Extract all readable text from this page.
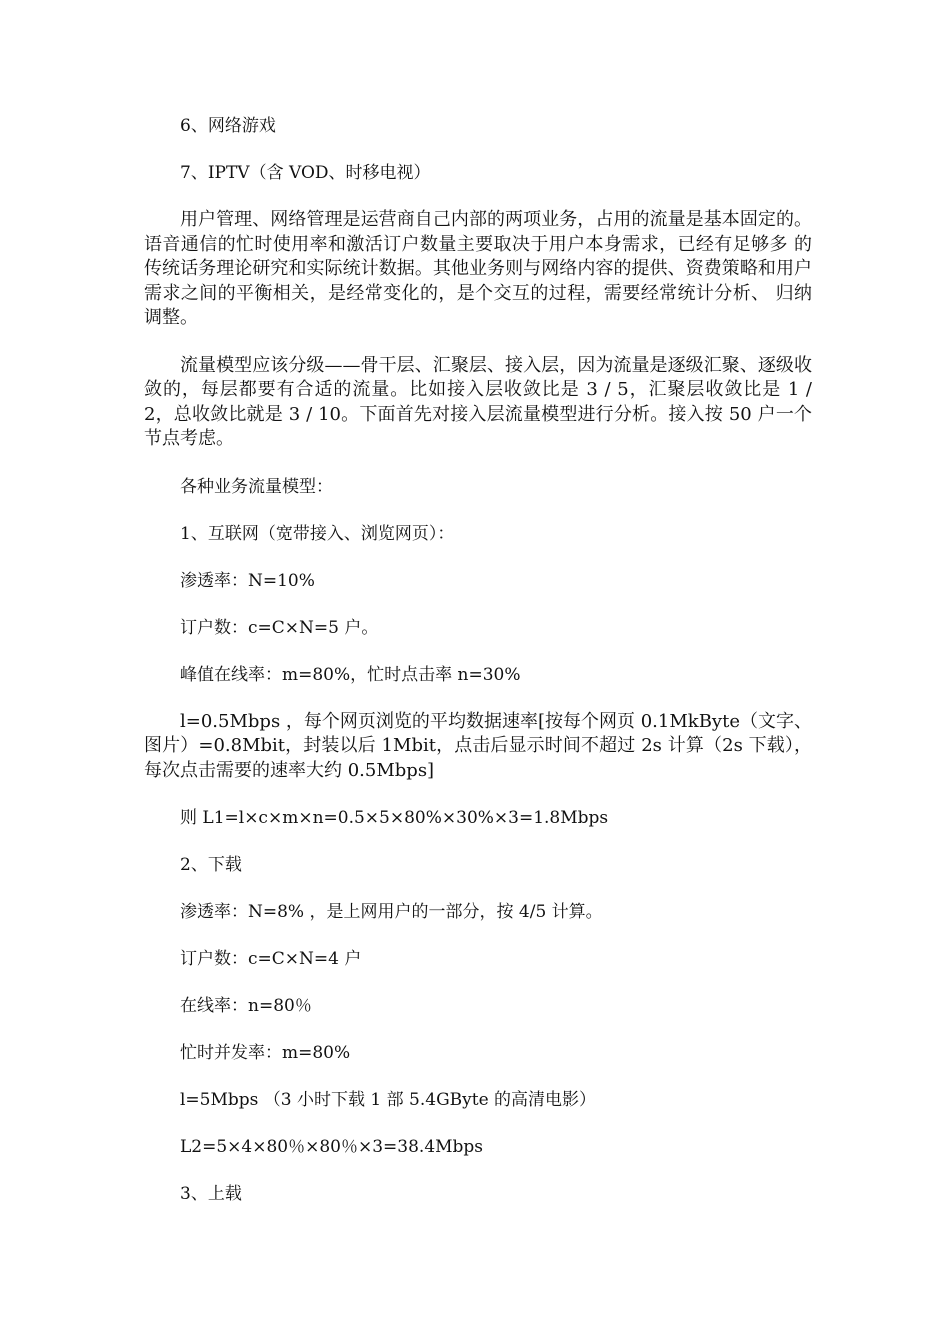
6、网络游戏

7、IPTV（含 VOD、时移电视）

用户管理、网络管理是运营商自己内部的两项业务，占用的流量是基本固定的。语音通信的忙时使用率和激活订户数量主要取决于用户本身需求，已经有足够多 的传统话务理论研究和实际统计数据。其他业务则与网络内容的提供、资费策略和用户需求之间的平衡相关，是经常变化的，是个交互的过程，需要经常统计分析、 归纳调整。

流量模型应该分级——骨干层、汇聚层、接入层，因为流量是逐级汇聚、逐级收敛的，每层都要有合适的流量。比如接入层收敛比是 3 / 5，汇聚层收敛比是 1 / 2，总收敛比就是 3 / 10。下面首先对接入层流量模型进行分析。接入按 50 户一个节点考虑。

各种业务流量模型：

1、互联网（宽带接入、浏览网页）：

渗透率：N=10%

订户数：c=C×N=5 户。

峰值在线率：m=80%，忙时点击率 n=30%

l=0.5Mbps ，每个网页浏览的平均数据速率[按每个网页 0.1MkByte（文字、图片）=0.8Mbit，封装以后 1Mbit，点击后显示时间不超过 2s 计算（2s 下载），每次点击需要的速率大约 0.5Mbps]

则 L1=l×c×m×n=0.5×5×80%×30%×3=1.8Mbps

2、下载

渗透率：N=8% ，是上网用户的一部分，按 4/5 计算。

订户数：c=C×N=4 户

在线率：n=80％

忙时并发率：m=80%

l=5Mbps （3 小时下载 1 部 5.4GByte 的高清电影）

L2=5×4×80％×80％×3=38.4Mbps

3、上载
